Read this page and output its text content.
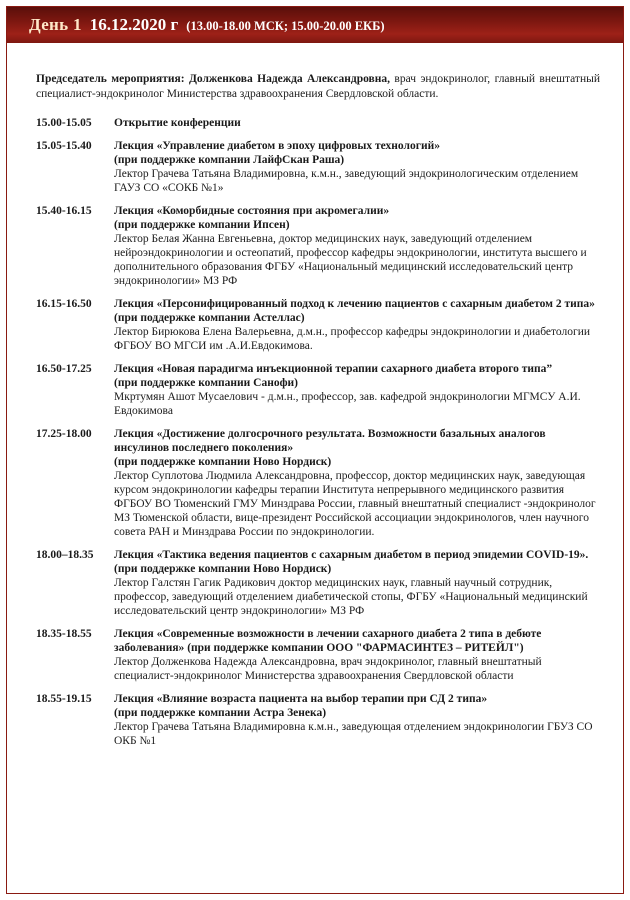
День 1 16.12.2020 г (13.00-18.00 МСК; 15.00-20.00 ЕКБ)
Председатель мероприятия: Долженкова Надежда Александровна, врач эндокринолог, главный внештатный специалист-эндокринолог Министерства здравоохранения Свердловской области.
15.00-15.05	Открытие конференции
15.05-15.40	Лекция «Управление диабетом в эпоху цифровых технологий»
(при поддержке компании ЛайфСкан Раша)
Лектор Грачева Татьяна Владимировна, к.м.н., заведующий эндокринологическим отделением ГАУЗ СО «СОКБ №1»
15.40-16.15	Лекция «Коморбидные состояния при акромегалии»
(при поддержке компании Ипсен)
Лектор Белая Жанна Евгеньевна, доктор медицинских наук, заведующий отделением нейроэндокринологии и остеопатий, профессор кафедры эндокринологии, института высшего и дополнительного образования ФГБУ «Национальный медицинский исследовательский центр эндокринологии» МЗ РФ
16.15-16.50	Лекция «Персонифицированный подход к лечению пациентов с сахарным диабетом 2 типа» (при поддержке компании Астеллас)
Лектор Бирюкова Елена Валерьевна, д.м.н., профессор кафедры эндокринологии и диабетологии ФГБОУ ВО МГСИ им .А.И.Евдокимова.
16.50-17.25	Лекция «Новая парадигма инъекционной терапии сахарного диабета второго типа”
(при поддержке компании Санофи)
Мкртумян Ашот Мусаелович - д.м.н., профессор, зав. кафедрой эндокринологии МГМСУ А.И. Евдокимова
17.25-18.00	Лекция «Достижение долгосрочного результата. Возможности базальных аналогов инсулинов последнего поколения»
(при поддержке компании Ново Нордиск)
Лектор Суплотова Людмила Александровна, профессор, доктор медицинских наук, заведующая курсом эндокринологии кафедры терапии Института непрерывного медицинского развития ФГБОУ ВО Тюменский ГМУ Минздрава России, главный внештатный специалист -эндокринолог МЗ Тюменской области, вице-президент Российской ассоциации эндокринологов, член научного совета РАН и Минздрава России по эндокринологии.
18.00–18.35	Лекция «Тактика ведения пациентов с сахарным диабетом в период эпидемии COVID-19». (при поддержке компании Ново Нордиск)
Лектор Галстян Гагик Радикович доктор медицинских наук, главный научный сотрудник, профессор, заведующий отделением диабетической стопы, ФГБУ «Национальный медицинский исследовательский центр эндокринологии» МЗ РФ
18.35-18.55	Лекция «Современные возможности в лечении сахарного диабета 2 типа в дебюте заболевания» (при поддержке компании ООО "ФАРМАСИНТЕЗ – РИТЕЙЛ")
Лектор Долженкова Надежда Александровна, врач эндокринолог, главный внештатный специалист-эндокринолог Министерства здравоохранения Свердловской области
18.55-19.15	Лекция «Влияние возраста пациента на выбор терапии при СД 2 типа»
(при поддержке компании Астра Зенека)
Лектор Грачева Татьяна Владимировна к.м.н., заведующая отделением эндокринологии ГБУЗ СО ОКБ №1
